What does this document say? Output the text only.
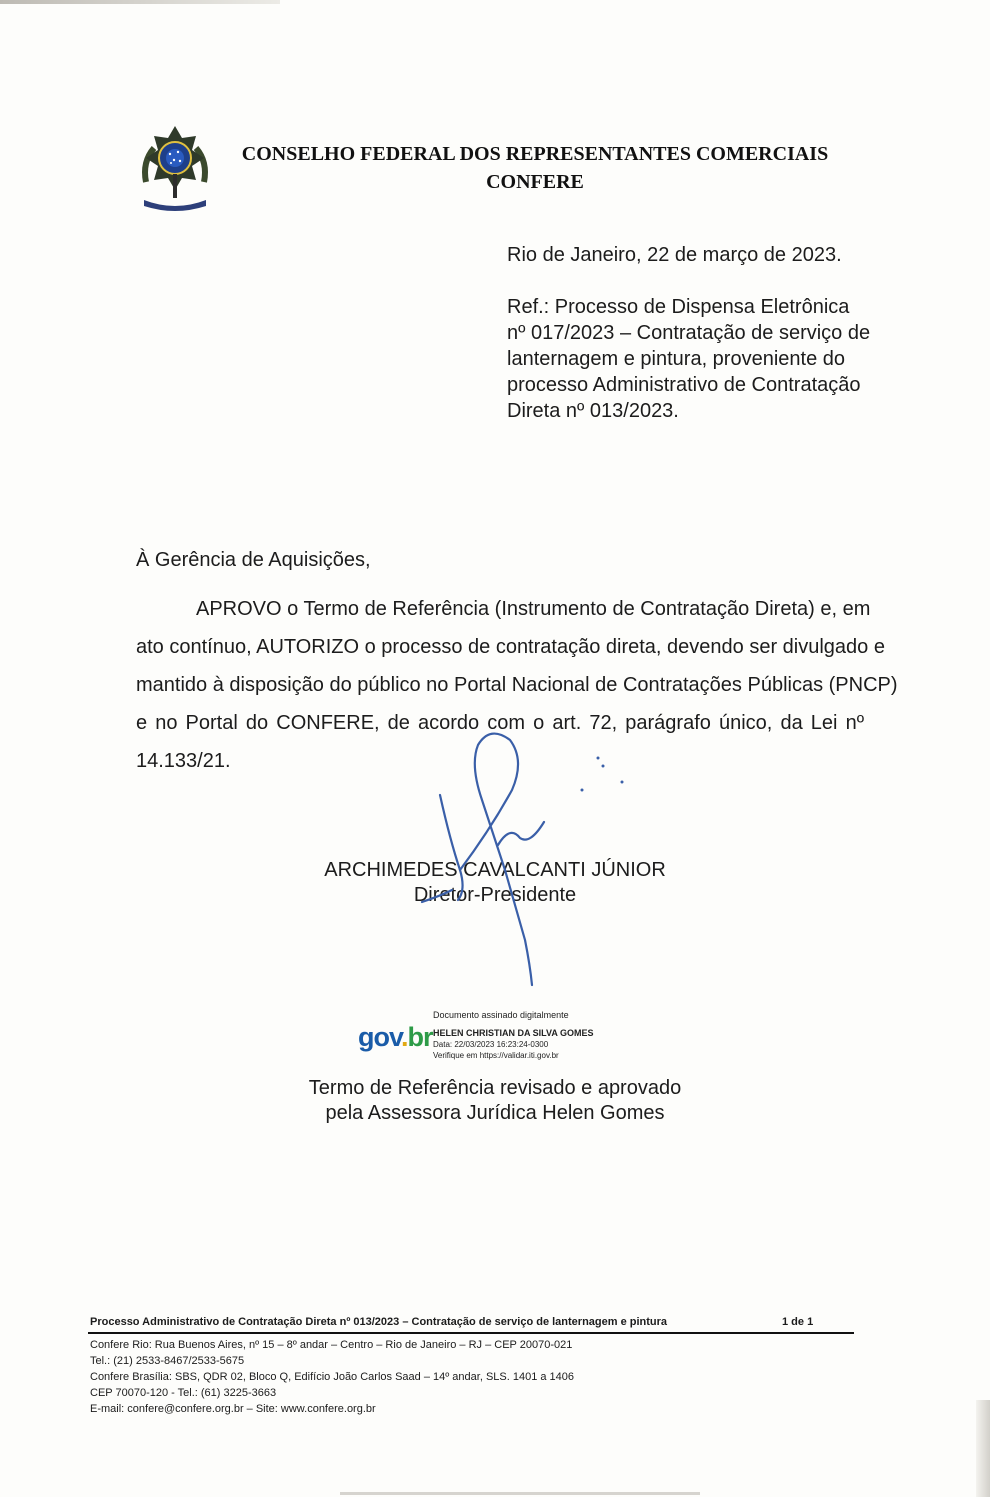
CONSELHO FEDERAL DOS REPRESENTANTES COMERCIAIS
CONFERE
Rio de Janeiro, 22 de março de 2023.
Ref.: Processo de Dispensa Eletrônica
nº 017/2023 – Contratação de serviço de
lanternagem e pintura, proveniente do
processo Administrativo de Contratação
Direta nº 013/2023.
À Gerência de Aquisições,
APROVO o Termo de Referência (Instrumento de Contratação Direta) e, em
ato contínuo, AUTORIZO o processo de contratação direta, devendo ser divulgado e
mantido à disposição do público no Portal Nacional de Contratações Públicas (PNCP)
e no Portal do CONFERE, de acordo com o art. 72, parágrafo único, da Lei nº
14.133/21.
ARCHIMEDES CAVALCANTI JÚNIOR
Diretor-Presidente
gov.br
Documento assinado digitalmente
HELEN CHRISTIAN DA SILVA GOMES
Data: 22/03/2023 16:23:24-0300
Verifique em https://validar.iti.gov.br
Termo de Referência revisado e aprovado
pela Assessora Jurídica Helen Gomes
Processo Administrativo de Contratação Direta nº 013/2023 – Contratação de serviço de lanternagem e pintura	1 de 1
Confere Rio: Rua Buenos Aires, nº 15 – 8º andar – Centro – Rio de Janeiro – RJ – CEP 20070-021
Tel.: (21) 2533-8467/2533-5675
Confere Brasília: SBS, QDR 02, Bloco Q, Edifício João Carlos Saad – 14º andar, SLS. 1401 a 1406
CEP 70070-120 - Tel.: (61) 3225-3663
E-mail: confere@confere.org.br – Site: www.confere.org.br
